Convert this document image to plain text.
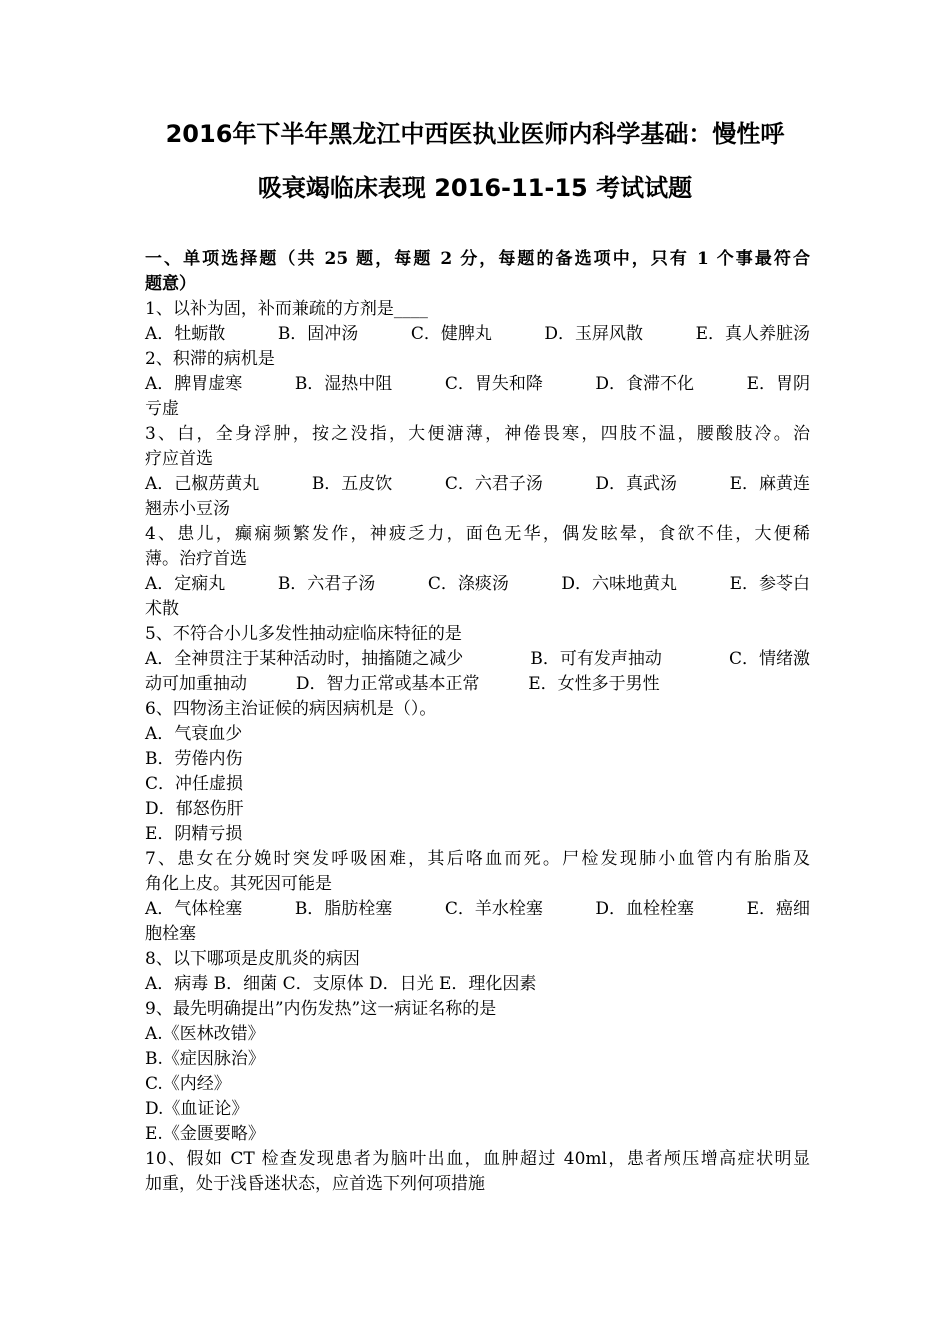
2016年下半年黑龙江中西医执业医师内科学基础：慢性呼
吸衰竭临床表现 2016-11-15 考试试题
一、单项选择题（共 25 题，每题 2 分，每题的备选项中，只有 1 个事最符合
题意）
1、以补为固，补而兼疏的方剂是____
A．牡蛎散	B．固冲汤	C．健脾丸	D．玉屏风散	E．真人养脏汤
2、积滞的病机是
A．脾胃虚寒	B．湿热中阻	C．胃失和降	D．食滞不化	E．胃阴
亏虚
3、白，全身浮肿，按之没指，大便溏薄，神倦畏寒，四肢不温，腰酸肢冷。治
疗应首选
A．己椒苈黄丸	B．五皮饮	C．六君子汤	D．真武汤	E．麻黄连
翘赤小豆汤
4、患儿，癫痫频繁发作，神疲乏力，面色无华，偶发眩晕，食欲不佳，大便稀
薄。治疗首选
A．定痫丸	B．六君子汤	C．涤痰汤	D．六味地黄丸	E．参苓白
术散
5、不符合小儿多发性抽动症临床特征的是
A．全神贯注于某种活动时，抽搐随之减少	B．可有发声抽动	C．情绪激
动可加重抽动	D．智力正常或基本正常	E．女性多于男性
6、四物汤主治证候的病因病机是（）。
A．气衰血少
B．劳倦内伤
C．冲任虚损
D．郁怒伤肝
E．阴精亏损
7、患女在分娩时突发呼吸困难，其后咯血而死。尸检发现肺小血管内有胎脂及
角化上皮。其死因可能是
A．气体栓塞	B．脂肪栓塞	C．羊水栓塞	D．血栓栓塞	E．癌细
胞栓塞
8、以下哪项是皮肌炎的病因
A．病毒 B．细菌 C．支原体 D．日光 E．理化因素
9、最先明确提出”内伤发热”这一病证名称的是
A.《医林改错》
B.《症因脉治》
C.《内经》
D.《血证论》
E.《金匮要略》
10、假如 CT 检查发现患者为脑叶出血，血肿超过 40ml，患者颅压增高症状明显
加重，处于浅昏迷状态，应首选下列何项措施
